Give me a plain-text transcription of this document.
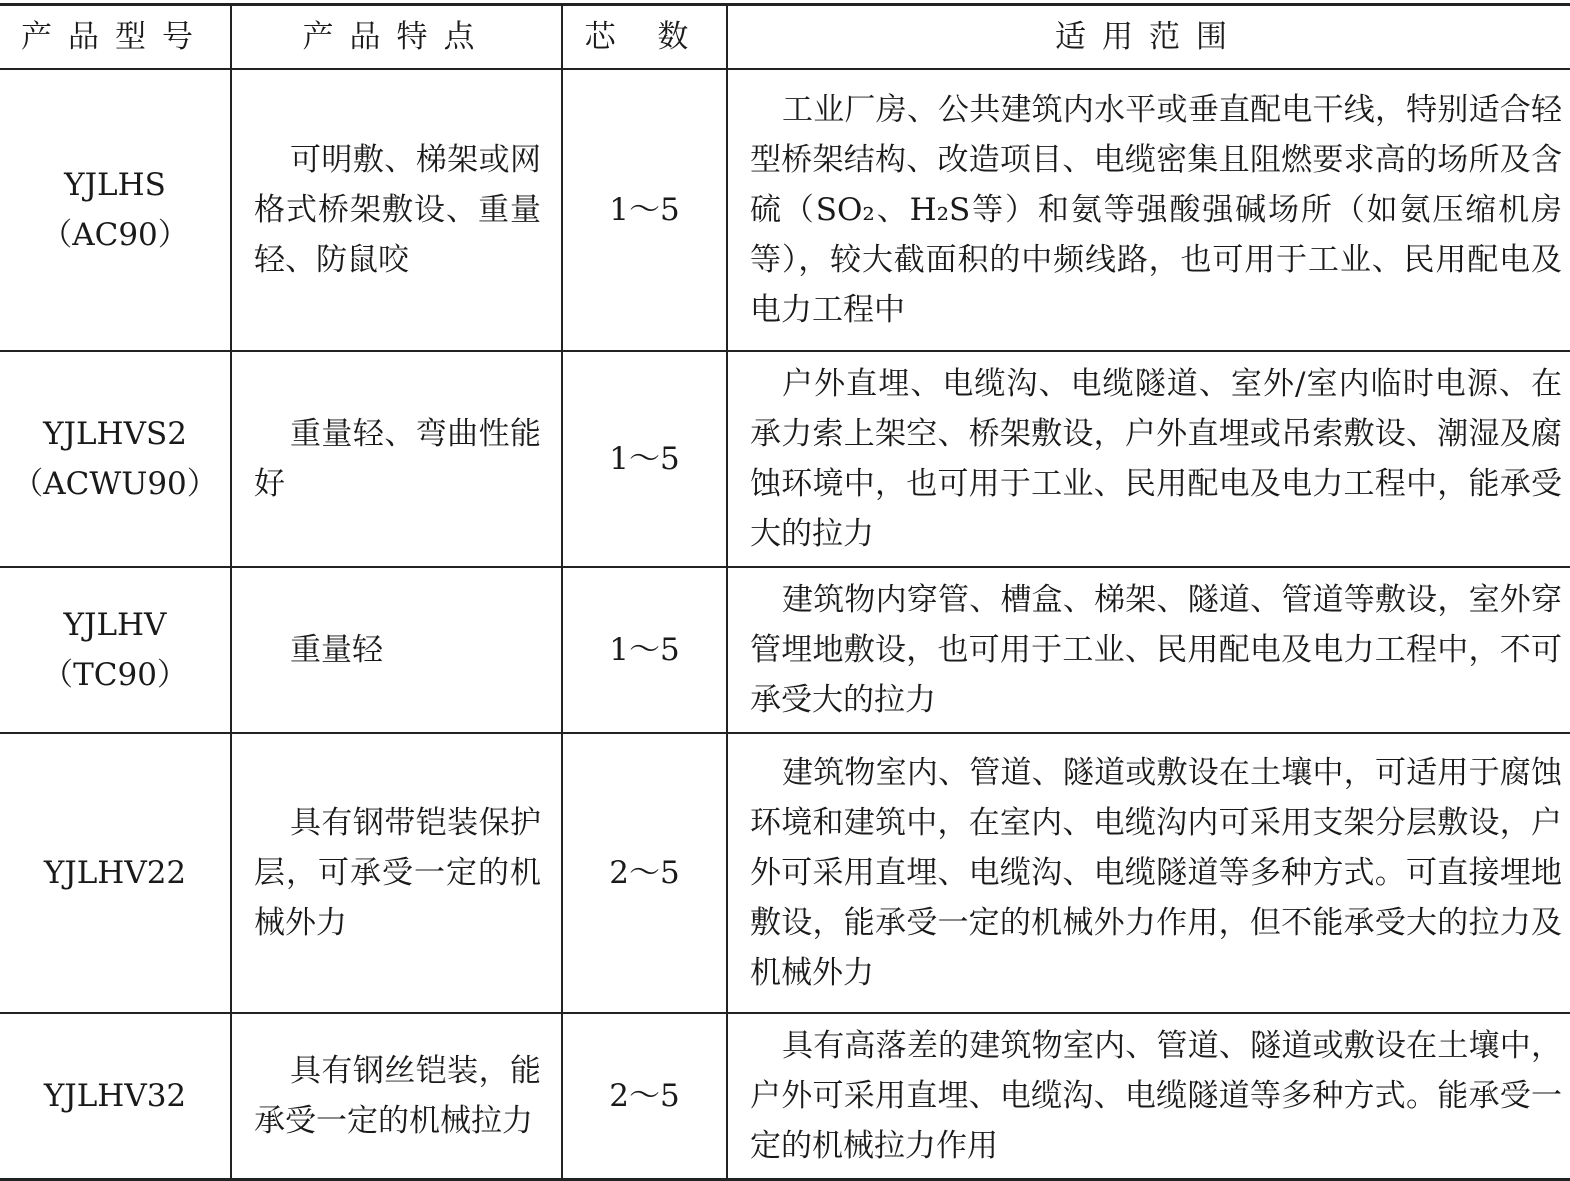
产品型号	产品特点	芯 数	适用范围

YJLHS
（AC90）	可明敷、梯架或网格式桥架敷设、重量轻、防鼠咬	1～5	工业厂房、公共建筑内水平或垂直配电干线，特别适合轻型桥架结构、改造项目、电缆密集且阻燃要求高的场所及含硫（SO₂、H₂S等）和氨等强酸强碱场所（如氨压缩机房等），较大截面积的中频线路，也可用于工业、民用配电及电力工程中

YJLHVS2
（ACWU90）	重量轻、弯曲性能好	1～5	户外直埋、电缆沟、电缆隧道、室外/室内临时电源、在承力索上架空、桥架敷设，户外直埋或吊索敷设、潮湿及腐蚀环境中，也可用于工业、民用配电及电力工程中，能承受大的拉力

YJLHV
（TC90）	重量轻	1～5	建筑物内穿管、槽盒、梯架、隧道、管道等敷设，室外穿管埋地敷设，也可用于工业、民用配电及电力工程中，不可承受大的拉力

YJLHV22	具有钢带铠装保护层，可承受一定的机械外力	2～5	建筑物室内、管道、隧道或敷设在土壤中，可适用于腐蚀环境和建筑中，在室内、电缆沟内可采用支架分层敷设，户外可采用直埋、电缆沟、电缆隧道等多种方式。可直接埋地敷设，能承受一定的机械外力作用，但不能承受大的拉力及机械外力

YJLHV32	具有钢丝铠装，能承受一定的机械拉力	2～5	具有高落差的建筑物室内、管道、隧道或敷设在土壤中，户外可采用直埋、电缆沟、电缆隧道等多种方式。能承受一定的机械拉力作用
